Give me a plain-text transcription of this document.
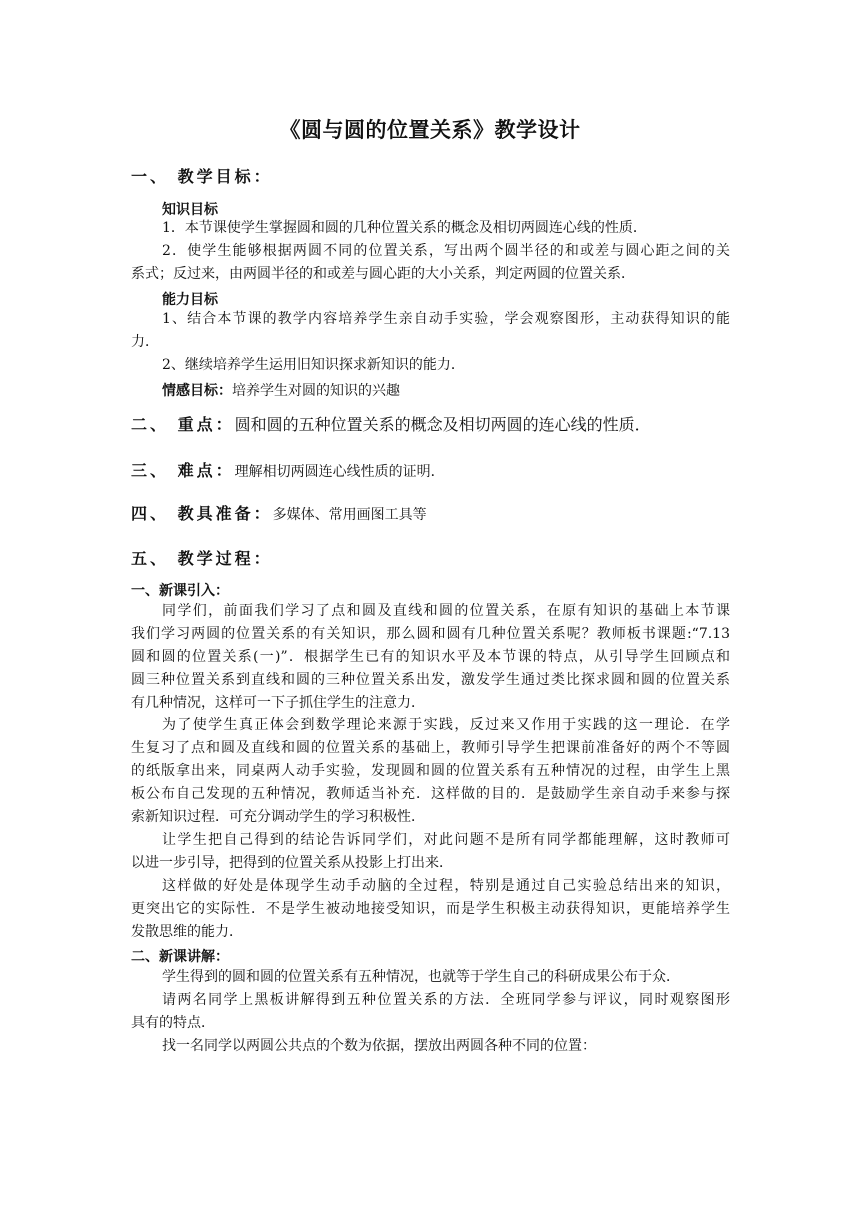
《圆与圆的位置关系》教学设计
一、 教学目标：
知识目标
1．本节课使学生掌握圆和圆的几种位置关系的概念及相切两圆连心线的性质．
2．使学生能够根据两圆不同的位置关系，写出两个圆半径的和或差与圆心距之间的关
系式；反过来，由两圆半径的和或差与圆心距的大小关系，判定两圆的位置关系．
能力目标
1、结合本节课的教学内容培养学生亲自动手实验，学会观察图形，主动获得知识的能
力．
2、继续培养学生运用旧知识探求新知识的能力．
情感目标：培养学生对圆的知识的兴趣
二、 重点：圆和圆的五种位置关系的概念及相切两圆的连心线的性质．
三、 难点：理解相切两圆连心线性质的证明．
四、 教具准备：多媒体、常用画图工具等
五、 教学过程：
一、新课引入：
同学们，前面我们学习了点和圆及直线和圆的位置关系，在原有知识的基础上本节课
我们学习两圆的位置关系的有关知识，那么圆和圆有几种位置关系呢？教师板书课题:“7.13
圆和圆的位置关系(一)”．根据学生已有的知识水平及本节课的特点，从引导学生回顾点和
圆三种位置关系到直线和圆的三种位置关系出发，激发学生通过类比探求圆和圆的位置关系
有几种情况，这样可一下子抓住学生的注意力．
为了使学生真正体会到数学理论来源于实践，反过来又作用于实践的这一理论．在学
生复习了点和圆及直线和圆的位置关系的基础上，教师引导学生把课前准备好的两个不等圆
的纸版拿出来，同桌两人动手实验，发现圆和圆的位置关系有五种情况的过程，由学生上黑
板公布自己发现的五种情况，教师适当补充．这样做的目的．是鼓励学生亲自动手来参与探
索新知识过程．可充分调动学生的学习积极性．
让学生把自己得到的结论告诉同学们，对此问题不是所有同学都能理解，这时教师可
以进一步引导，把得到的位置关系从投影上打出来．
这样做的好处是体现学生动手动脑的全过程，特别是通过自己实验总结出来的知识，
更突出它的实际性．不是学生被动地接受知识，而是学生积极主动获得知识，更能培养学生
发散思维的能力．
二、新课讲解：
学生得到的圆和圆的位置关系有五种情况，也就等于学生自己的科研成果公布于众．
请两名同学上黑板讲解得到五种位置关系的方法．全班同学参与评议，同时观察图形
具有的特点．
找一名同学以两圆公共点的个数为依据，摆放出两圆各种不同的位置：
